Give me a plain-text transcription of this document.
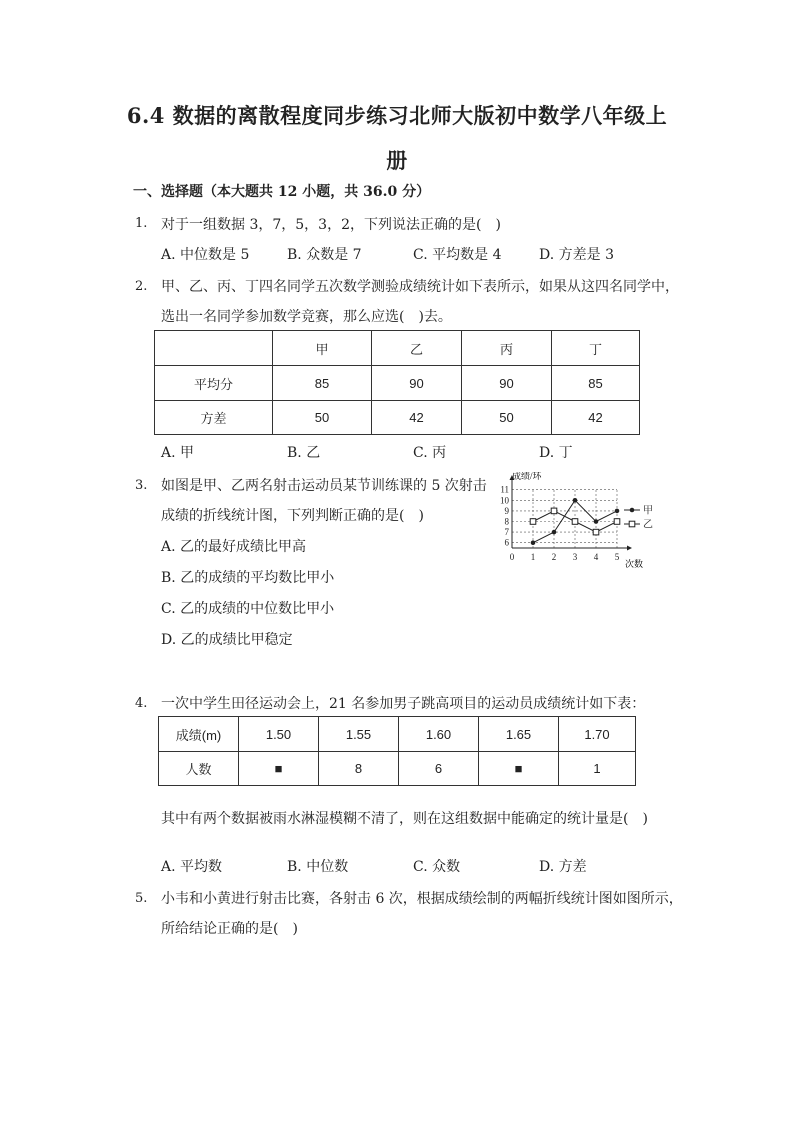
6.4 数据的离散程度同步练习北师大版初中数学八年级上
册
一、选择题（本大题共 12 小题，共 36.0 分）
1. 对于一组数据 3，7，5，3，2，下列说法正确的是(　)
A. 中位数是 5	B. 众数是 7	C. 平均数是 4	D. 方差是 3
2. 甲、乙、丙、丁四名同学五次数学测验成绩统计如下表所示，如果从这四名同学中，
选出一名同学参加数学竞赛，那么应选(　)去。
	甲	乙	丙	丁
平均分	85	90	90	85
方差	50	42	50	42
A. 甲	B. 乙	C. 丙	D. 丁
3. 如图是甲、乙两名射击运动员某节训练课的 5 次射击
成绩的折线统计图，下列判断正确的是(　)
A. 乙的最好成绩比甲高
B. 乙的成绩的平均数比甲小
C. 乙的成绩的中位数比甲小
D. 乙的成绩比甲稳定
6
7
8
9
10
11
0 1 2 3 4 5
甲
乙
成绩/环
次数
4. 一次中学生田径运动会上，21 名参加男子跳高项目的运动员成绩统计如下表：
成绩(m)	1.50	1.55	1.60	1.65	1.70
人数	■	8	6	■	1
其中有两个数据被雨水淋湿模糊不清了，则在这组数据中能确定的统计量是(　)
A. 平均数	B. 中位数	C. 众数	D. 方差
5. 小韦和小黄进行射击比赛，各射击 6 次，根据成绩绘制的两幅折线统计图如图所示，
所给结论正确的是(　)
